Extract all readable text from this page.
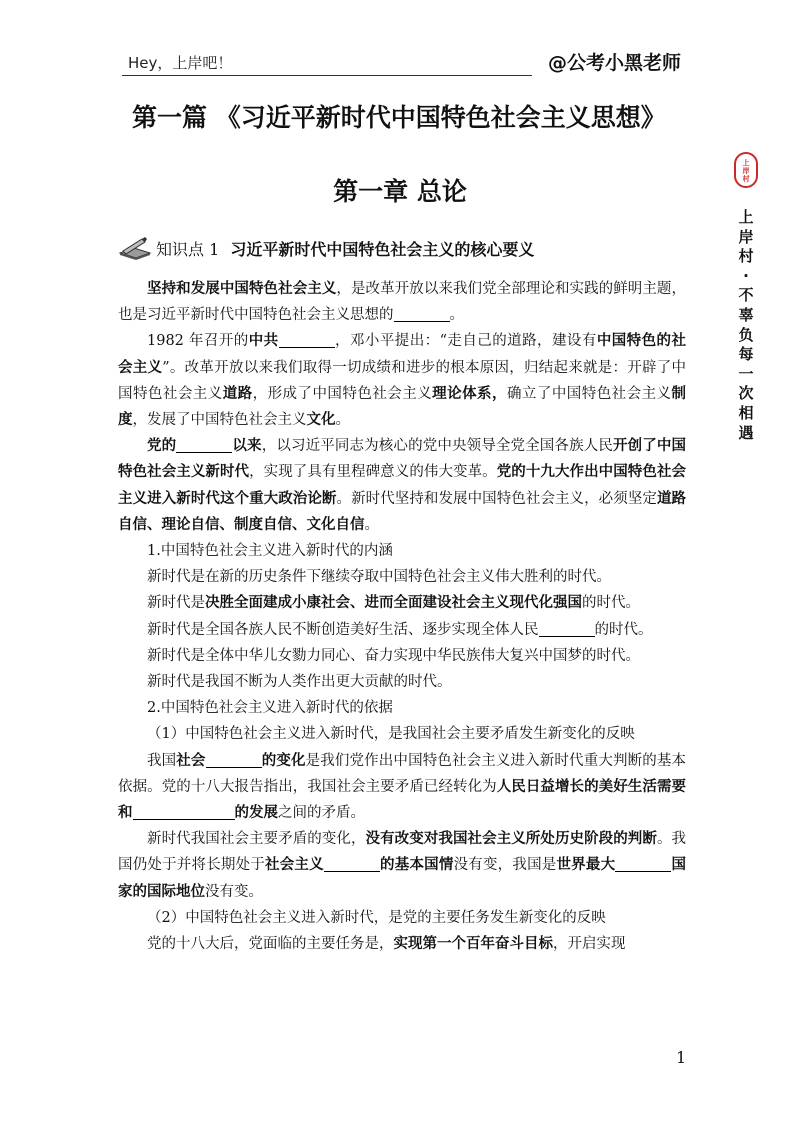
Hey，上岸吧！	@公考小黑老师
第一篇 《习近平新时代中国特色社会主义思想》
第一章 总论
知识点 1 习近平新时代中国特色社会主义的核心要义

坚持和发展中国特色社会主义，是改革开放以来我们党全部理论和实践的鲜明主题，也是习近平新时代中国特色社会主义思想的	。

1982 年召开的中共	，邓小平提出：“走自己的道路，建设有中国特色的社会主义”。改革开放以来我们取得一切成绩和进步的根本原因，归结起来就是：开辟了中国特色社会主义道路，形成了中国特色社会主义理论体系，确立了中国特色社会主义制度，发展了中国特色社会主义文化。

党的	以来，以习近平同志为核心的党中央领导全党全国各族人民开创了中国特色社会主义新时代，实现了具有里程碑意义的伟大变革。党的十九大作出中国特色社会主义进入新时代这个重大政治论断。新时代坚持和发展中国特色社会主义，必须坚定道路自信、理论自信、制度自信、文化自信。

1.中国特色社会主义进入新时代的内涵

新时代是在新的历史条件下继续夺取中国特色社会主义伟大胜利的时代。

新时代是决胜全面建成小康社会、进而全面建设社会主义现代化强国的时代。

新时代是全国各族人民不断创造美好生活、逐步实现全体人民	的时代。

新时代是全体中华儿女勠力同心、奋力实现中华民族伟大复兴中国梦的时代。

新时代是我国不断为人类作出更大贡献的时代。

2.中国特色社会主义进入新时代的依据

（1）中国特色社会主义进入新时代，是我国社会主要矛盾发生新变化的反映

我国社会	的变化是我们党作出中国特色社会主义进入新时代重大判断的基本依据。党的十八大报告指出，我国社会主要矛盾已经转化为人民日益增长的美好生活需要和	的发展之间的矛盾。

新时代我国社会主要矛盾的变化，没有改变对我国社会主义所处历史阶段的判断。我国仍处于并将长期处于社会主义	的基本国情没有变，我国是世界最大	国家的国际地位没有变。

（2）中国特色社会主义进入新时代，是党的主要任务发生新变化的反映

党的十八大后，党面临的主要任务是，实现第一个百年奋斗目标，开启实现

上
岸
村
上岸村·不辜负每一次相遇
1
